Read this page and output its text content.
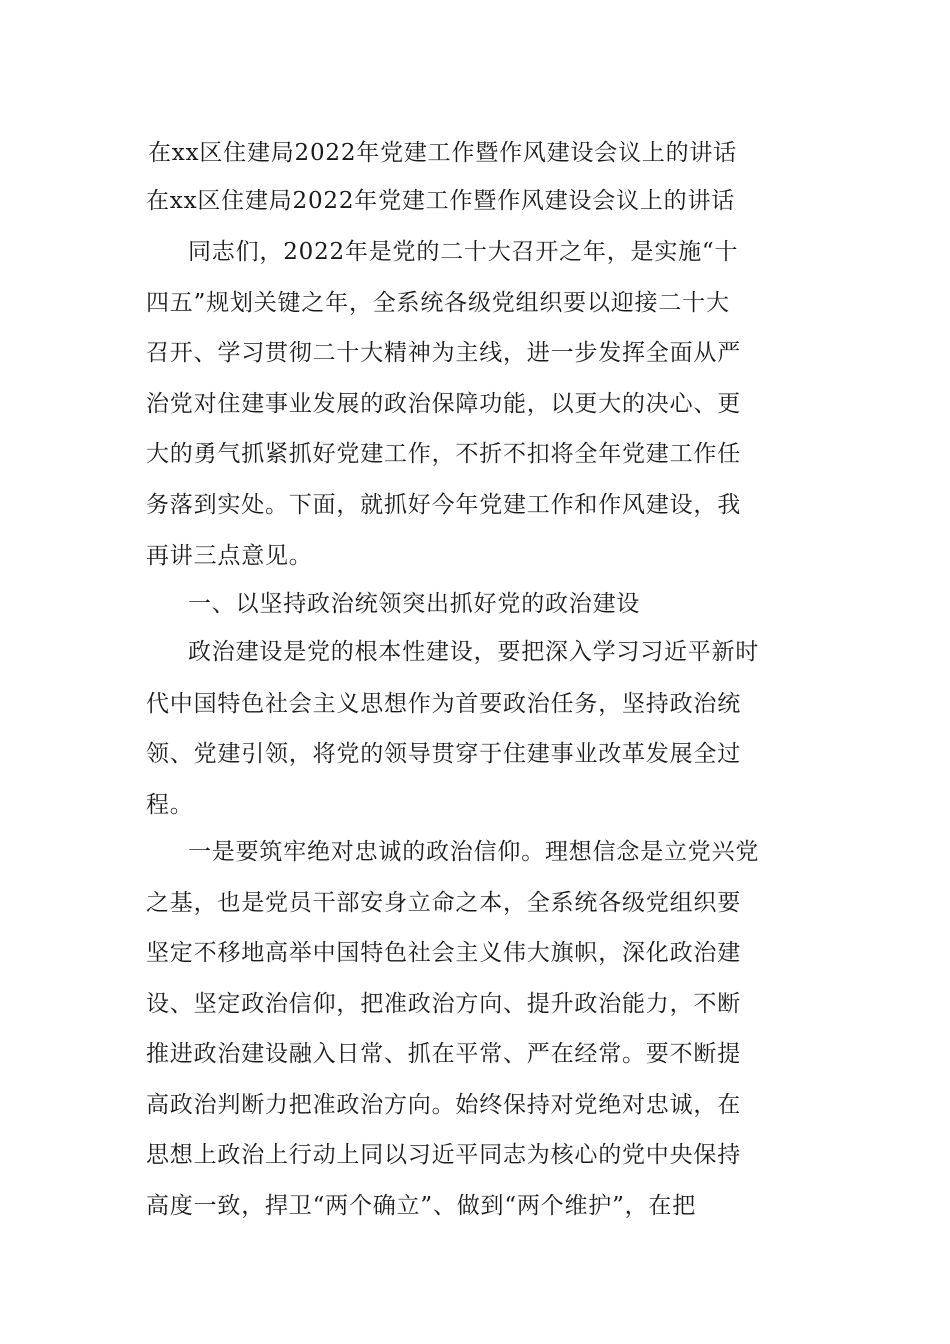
在xx区住建局2022年党建工作暨作风建设会议上的讲话
在xx区住建局2022年党建工作暨作风建设会议上的讲话
同志们，2022年是党的二十大召开之年，是实施“十
四五”规划关键之年，全系统各级党组织要以迎接二十大
召开、学习贯彻二十大精神为主线，进一步发挥全面从严
治党对住建事业发展的政治保障功能，以更大的决心、更
大的勇气抓紧抓好党建工作，不折不扣将全年党建工作任
务落到实处。下面，就抓好今年党建工作和作风建设，我
再讲三点意见。
一、以坚持政治统领突出抓好党的政治建设
政治建设是党的根本性建设，要把深入学习习近平新时
代中国特色社会主义思想作为首要政治任务，坚持政治统
领、党建引领，将党的领导贯穿于住建事业改革发展全过
程。
一是要筑牢绝对忠诚的政治信仰。理想信念是立党兴党
之基，也是党员干部安身立命之本，全系统各级党组织要
坚定不移地高举中国特色社会主义伟大旗帜，深化政治建
设、坚定政治信仰，把准政治方向、提升政治能力，不断
推进政治建设融入日常、抓在平常、严在经常。要不断提
高政治判断力把准政治方向。始终保持对党绝对忠诚，在
思想上政治上行动上同以习近平同志为核心的党中央保持
高度一致，捍卫“两个确立”、做到“两个维护”，在把
